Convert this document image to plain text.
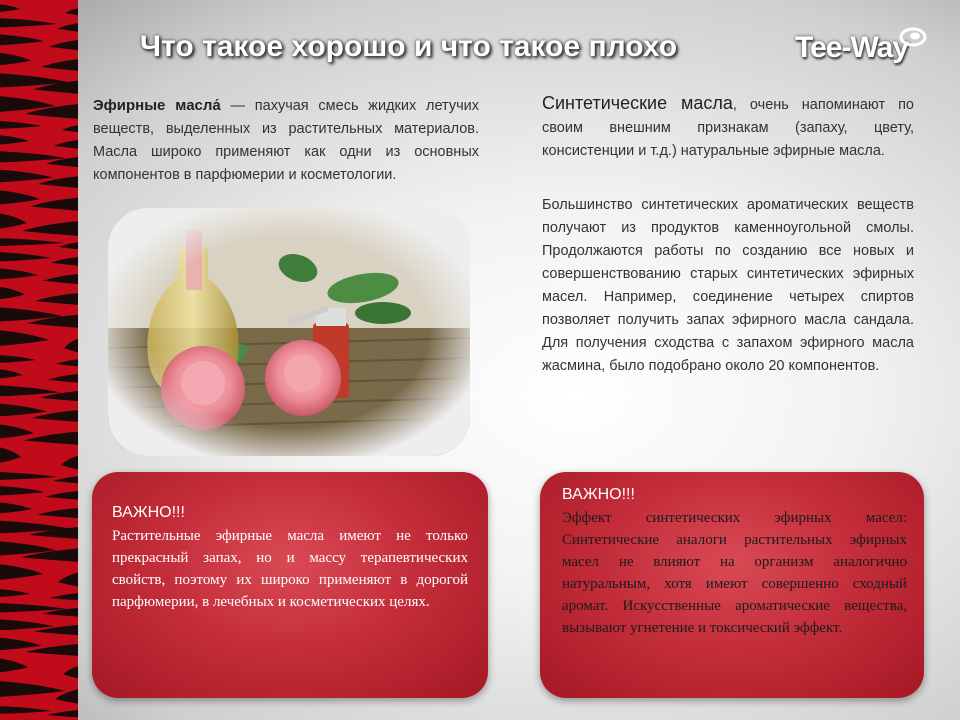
Что такое хорошо и что такое плохо	Tee-Way
Эфирные масла́ — пахучая смесь жидких летучих веществ, выделенных из растительных материалов. Масла широко применяют как одни из основных компонентов в парфюмерии и косметологии.
Синтетические масла, очень напоминают по своим внешним признакам (запаху, цвету, консистенции и т.д.) натуральные эфирные масла.
Большинство синтетических ароматических веществ получают из продуктов каменноугольной смолы. Продолжаются работы по созданию все новых и совершенствованию старых синтетических эфирных масел. Например, соединение четырех спиртов позволяет получить запах эфирного масла сандала. Для получения сходства с запахом эфирного масла жасмина, было подобрано около 20 компонентов.
ВАЖНО!!!
Растительные эфирные масла имеют не только прекрасный запах, но и массу терапевтических свойств, поэтому их широко применяют в дорогой парфюмерии, в лечебных и косметических целях.
ВАЖНО!!!
Эффект синтетических эфирных масел: Синтетические аналоги растительных эфирных масел не влияют на организм аналогично натуральным, хотя имеют совершенно сходный аромат. Искусственные ароматические вещества, вызывают угнетение и токсический эффект.
